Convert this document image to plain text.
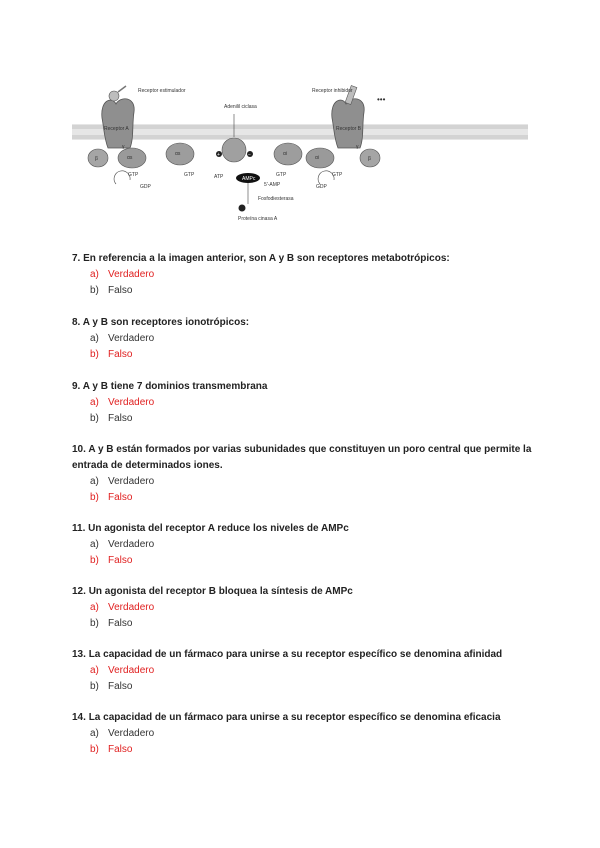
Receptor estimulador	Receptor inhibidor
Adenilil ciclasa
Receptor A	Receptor B
αs
αs	αi
αi
β	β
γ	γ
GTP
GDP
GTP	ATP	GTP	GTP
GDP
AMPc
5'-AMP
Fosfodiesterasa
Proteína cinasa A
+	−
•••
7. En referencia a la imagen anterior, son A y B son receptores metabotrópicos:
a) Verdadero
b) Falso
8. A y B son receptores ionotrópicos:
a) Verdadero
b) Falso
9. A y B tiene 7 dominios transmembrana
a) Verdadero
b) Falso
10. A y B están formados por varias subunidades que constituyen un poro central que permite la entrada de determinados iones.
a) Verdadero
b) Falso
11. Un agonista del receptor A reduce los niveles de AMPc
a) Verdadero
b) Falso
12. Un agonista del receptor B bloquea la síntesis de AMPc
a) Verdadero
b) Falso
13. La capacidad de un fármaco para unirse a su receptor específico se denomina afinidad
a) Verdadero
b) Falso
14. La capacidad de un fármaco para unirse a su receptor específico se denomina eficacia
a) Verdadero
b) Falso
